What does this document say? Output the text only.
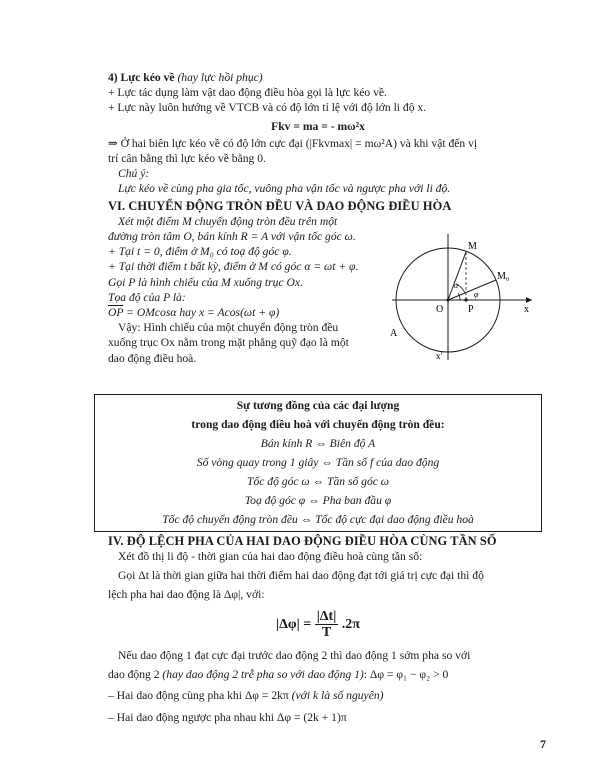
4) Lực kéo về (hay lực hồi phục)
+ Lực tác dụng làm vật dao động điều hòa gọi là lực kéo về.
+ Lực này luôn hướng về VTCB và có độ lớn tỉ lệ với độ lớn li độ x.
Fkv = ma = - mω²x
⇒ Ở hai biên lực kéo về có độ lớn cực đại (|Fkvmax| = mω²A) và khi vật đến vị
trí cân bằng thì lực kéo về bằng 0.
Chú ý:
Lực kéo về cùng pha gia tốc, vuông pha vận tốc và ngược pha với li độ.
VI. CHUYỂN ĐỘNG TRÒN ĐỀU VÀ DAO ĐỘNG ĐIỀU HÒA
Xét một điểm M chuyển động tròn đều trên một
đường tròn tâm O, bán kính R = A với vận tốc góc ω.
+ Tại t = 0, điểm ở M₀ có toạ độ góc φ.
+ Tại thời điểm t bất kỳ, điểm ở M có góc α = ωt + φ.
Gọi P là hình chiếu của M xuống trục Ox.
Tọa độ của P là:
$\overline{OP} = OMcos\alpha$ hay x = Acos(ωt + φ)
Vậy: Hình chiếu của một chuyển động tròn đều
xuống trục Ox nằm trong mặt phẳng quỹ đạo là một
dao động điều hoà.
M
M₀
O P	x
x'
A
α
φ
Sự tương đồng của các đại lượng
trong dao động điều hoà với chuyển động tròn đều:
Bán kính R ⇔ Biên độ A
Số vòng quay trong 1 giây ⇔ Tần số f của dao động
Tốc độ góc ω ⇔ Tần số góc ω
Toạ độ góc φ ⇔ Pha ban đầu φ
Tốc độ chuyển động tròn đều ⇔ Tốc độ cực đại dao động điều hoà
IV. ĐỘ LỆCH PHA CỦA HAI DAO ĐỘNG ĐIỀU HÒA CÙNG TẦN SỐ
Xét đồ thị li độ - thời gian của hai dao động điều hoà cùng tần số:
Gọi Δt là thời gian giữa hai thời điểm hai dao động đạt tới giá trị cực đại thì độ
lệch pha hai dao động là Δφ|, với:
$|\Delta\varphi| = \frac{|\Delta t|}{T} .2\pi$
Nếu dao động 1 đạt cực đại trước dao động 2 thì dao động 1 sớm pha so với
dao động 2 (hay dao động 2 trễ pha so với dao động 1): Δφ = φ₁ − φ₂ > 0
– Hai dao động cùng pha khi Δφ = 2kπ (với k là số nguyên)
– Hai dao động ngược pha nhau khi Δφ = (2k + 1)π
7
